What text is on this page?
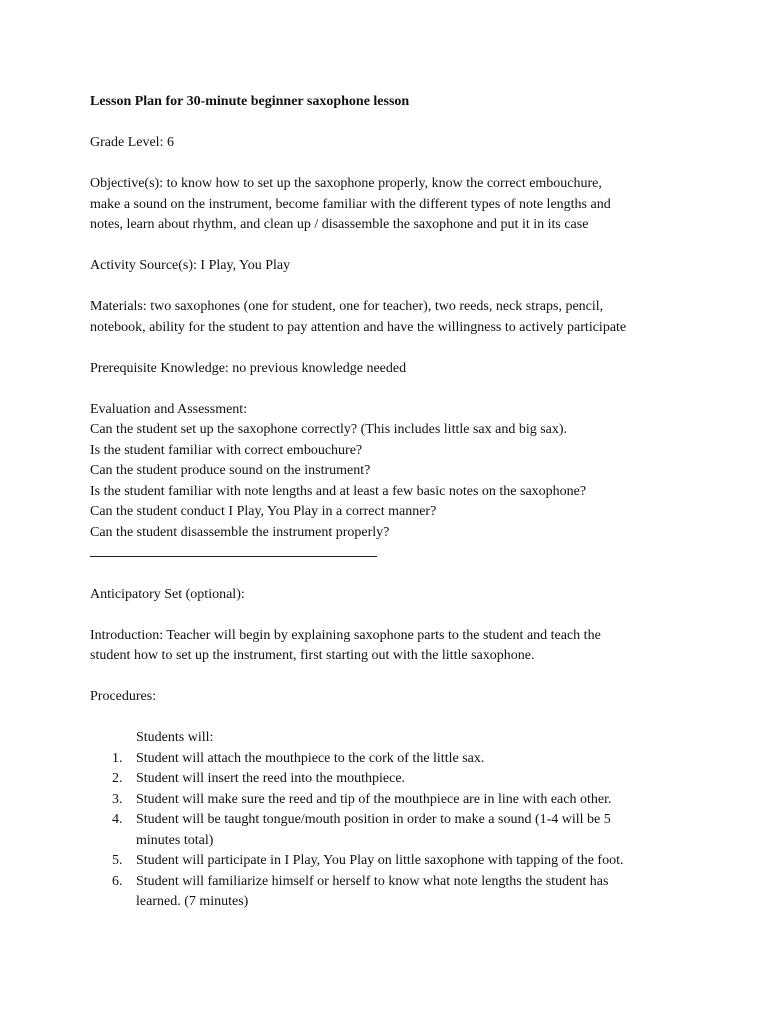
Lesson Plan for 30-minute beginner saxophone lesson
Grade Level: 6
Objective(s): to know how to set up the saxophone properly, know the correct embouchure,
make a sound on the instrument, become familiar with the different types of note lengths and
notes, learn about rhythm, and clean up / disassemble the saxophone and put it in its case
Activity Source(s): I Play, You Play
Materials: two saxophones (one for student, one for teacher), two reeds, neck straps, pencil,
notebook, ability for the student to pay attention and have the willingness to actively participate
Prerequisite Knowledge: no previous knowledge needed
Evaluation and Assessment:
Can the student set up the saxophone correctly? (This includes little sax and big sax).
Is the student familiar with correct embouchure?
Can the student produce sound on the instrument?
Is the student familiar with note lengths and at least a few basic notes on the saxophone?
Can the student conduct I Play, You Play in a correct manner?
Can the student disassemble the instrument properly?
Anticipatory Set (optional):
Introduction: Teacher will begin by explaining saxophone parts to the student and teach the
student how to set up the instrument, first starting out with the little saxophone.
Procedures:
Students will:
1. Student will attach the mouthpiece to the cork of the little sax.
2. Student will insert the reed into the mouthpiece.
3. Student will make sure the reed and tip of the mouthpiece are in line with each other.
4. Student will be taught tongue/mouth position in order to make a sound (1-4 will be 5
minutes total)
5. Student will participate in I Play, You Play on little saxophone with tapping of the foot.
6. Student will familiarize himself or herself to know what note lengths the student has
learned. (7 minutes)
